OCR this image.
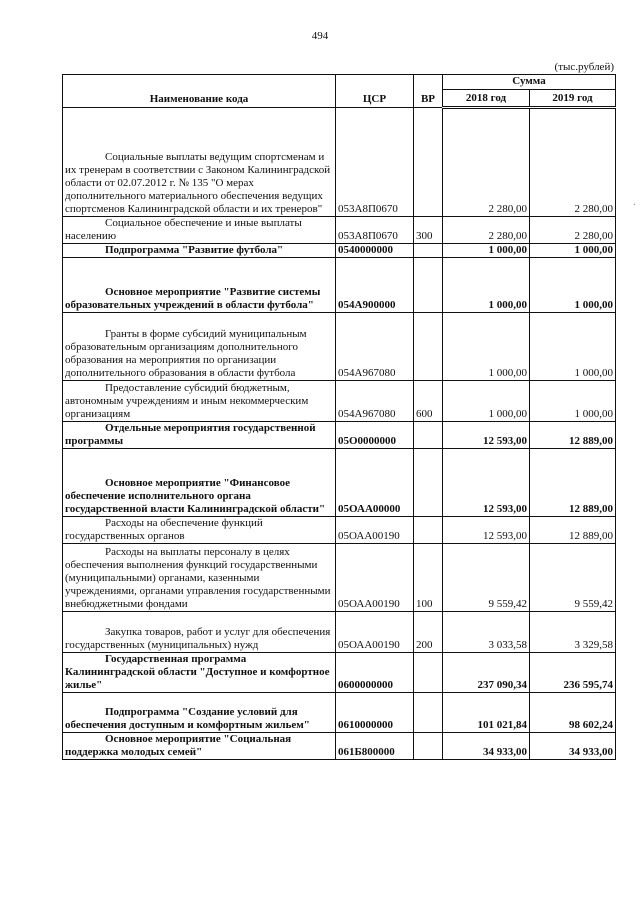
494
(тыс.рублей)
·
Наименование кода	ЦСР	ВР	Сумма	
			2018 год	2019 год
Социальные выплаты ведущим спортсменам и их тренерам в соответствии с Законом Калининградской области от 02.07.2012 г. № 135 "О мерах дополнительного материального обеспечения ведущих спортсменов Калининградской области и их тренеров"	053А8П0670		2 280,00	2 280,00
Социальное обеспечение и иные выплаты населению	053А8П0670	300	2 280,00	2 280,00
Подпрограмма "Развитие футбола"	0540000000		1 000,00	1 000,00
Основное мероприятие "Развитие системы образовательных учреждений в области футбола"	054А900000		1 000,00	1 000,00
Гранты в форме субсидий муниципальным образовательным организациям дополнительного образования на мероприятия по организации дополнительного образования в области футбола	054А967080		1 000,00	1 000,00
Предоставление субсидий бюджетным, автономным учреждениям и иным некоммерческим организациям	054А967080	600	1 000,00	1 000,00
Отдельные мероприятия государственной программы	05О0000000		12 593,00	12 889,00
Основное мероприятие "Финансовое обеспечение исполнительного органа государственной власти Калининградской области"	05ОАА00000		12 593,00	12 889,00
Расходы на обеспечение функций государственных органов	05ОАА00190		12 593,00	12 889,00
Расходы на выплаты персоналу в целях обеспечения выполнения функций государственными (муниципальными) органами, казенными учреждениями, органами управления государственными внебюджетными фондами	05ОАА00190	100	9 559,42	9 559,42
Закупка товаров, работ и услуг для обеспечения государственных (муниципальных) нужд	05ОАА00190	200	3 033,58	3 329,58
Государственная программа Калининградской области "Доступное и комфортное жилье"	0600000000		237 090,34	236 595,74
Подпрограмма "Создание условий для обеспечения доступным и комфортным жильем"	0610000000		101 021,84	98 602,24
Основное мероприятие "Социальная поддержка молодых семей"	061Б800000		34 933,00	34 933,00
